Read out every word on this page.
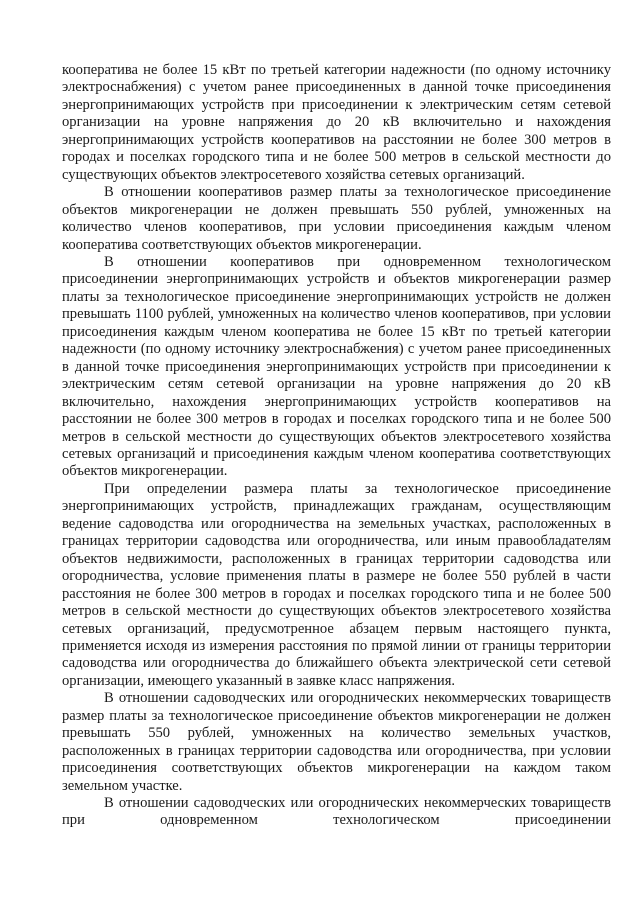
кооператива не более 15 кВт по третьей категории надежности (по одному источнику электроснабжения) с учетом ранее присоединенных в данной точке присоединения энергопринимающих устройств при присоединении к электрическим сетям сетевой организации на уровне напряжения до 20 кВ включительно и нахождения энергопринимающих устройств кооперативов на расстоянии не более 300 метров в городах и поселках городского типа и не более 500 метров в сельской местности до существующих объектов электросетевого хозяйства сетевых организаций.

В отношении кооперативов размер платы за технологическое присоединение объектов микрогенерации не должен превышать 550 рублей, умноженных на количество членов кооперативов, при условии присоединения каждым членом кооператива соответствующих объектов микрогенерации.

В отношении кооперативов при одновременном технологическом присоединении энергопринимающих устройств и объектов микрогенерации размер платы за технологическое присоединение энергопринимающих устройств не должен превышать 1100 рублей, умноженных на количество членов кооперативов, при условии присоединения каждым членом кооператива не более 15 кВт по третьей категории надежности (по одному источнику электроснабжения) с учетом ранее присоединенных в данной точке присоединения энергопринимающих устройств при присоединении к электрическим сетям сетевой организации на уровне напряжения до 20 кВ включительно, нахождения энергопринимающих устройств кооперативов на расстоянии не более 300 метров в городах и поселках городского типа и не более 500 метров в сельской местности до существующих объектов электросетевого хозяйства сетевых организаций и присоединения каждым членом кооператива соответствующих объектов микрогенерации.

При определении размера платы за технологическое присоединение энергопринимающих устройств, принадлежащих гражданам, осуществляющим ведение садоводства или огородничества на земельных участках, расположенных в границах территории садоводства или огородничества, или иным правообладателям объектов недвижимости, расположенных в границах территории садоводства или огородничества, условие применения платы в размере не более 550 рублей в части расстояния не более 300 метров в городах и поселках городского типа и не более 500 метров в сельской местности до существующих объектов электросетевого хозяйства сетевых организаций, предусмотренное абзацем первым настоящего пункта, применяется исходя из измерения расстояния по прямой линии от границы территории садоводства или огородничества до ближайшего объекта электрической сети сетевой организации, имеющего указанный в заявке класс напряжения.

В отношении садоводческих или огороднических некоммерческих товариществ размер платы за технологическое присоединение объектов микрогенерации не должен превышать 550 рублей, умноженных на количество земельных участков, расположенных в границах территории садоводства или огородничества, при условии присоединения соответствующих объектов микрогенерации на каждом таком земельном участке.

В отношении садоводческих или огороднических некоммерческих товариществ при одновременном технологическом присоединении
